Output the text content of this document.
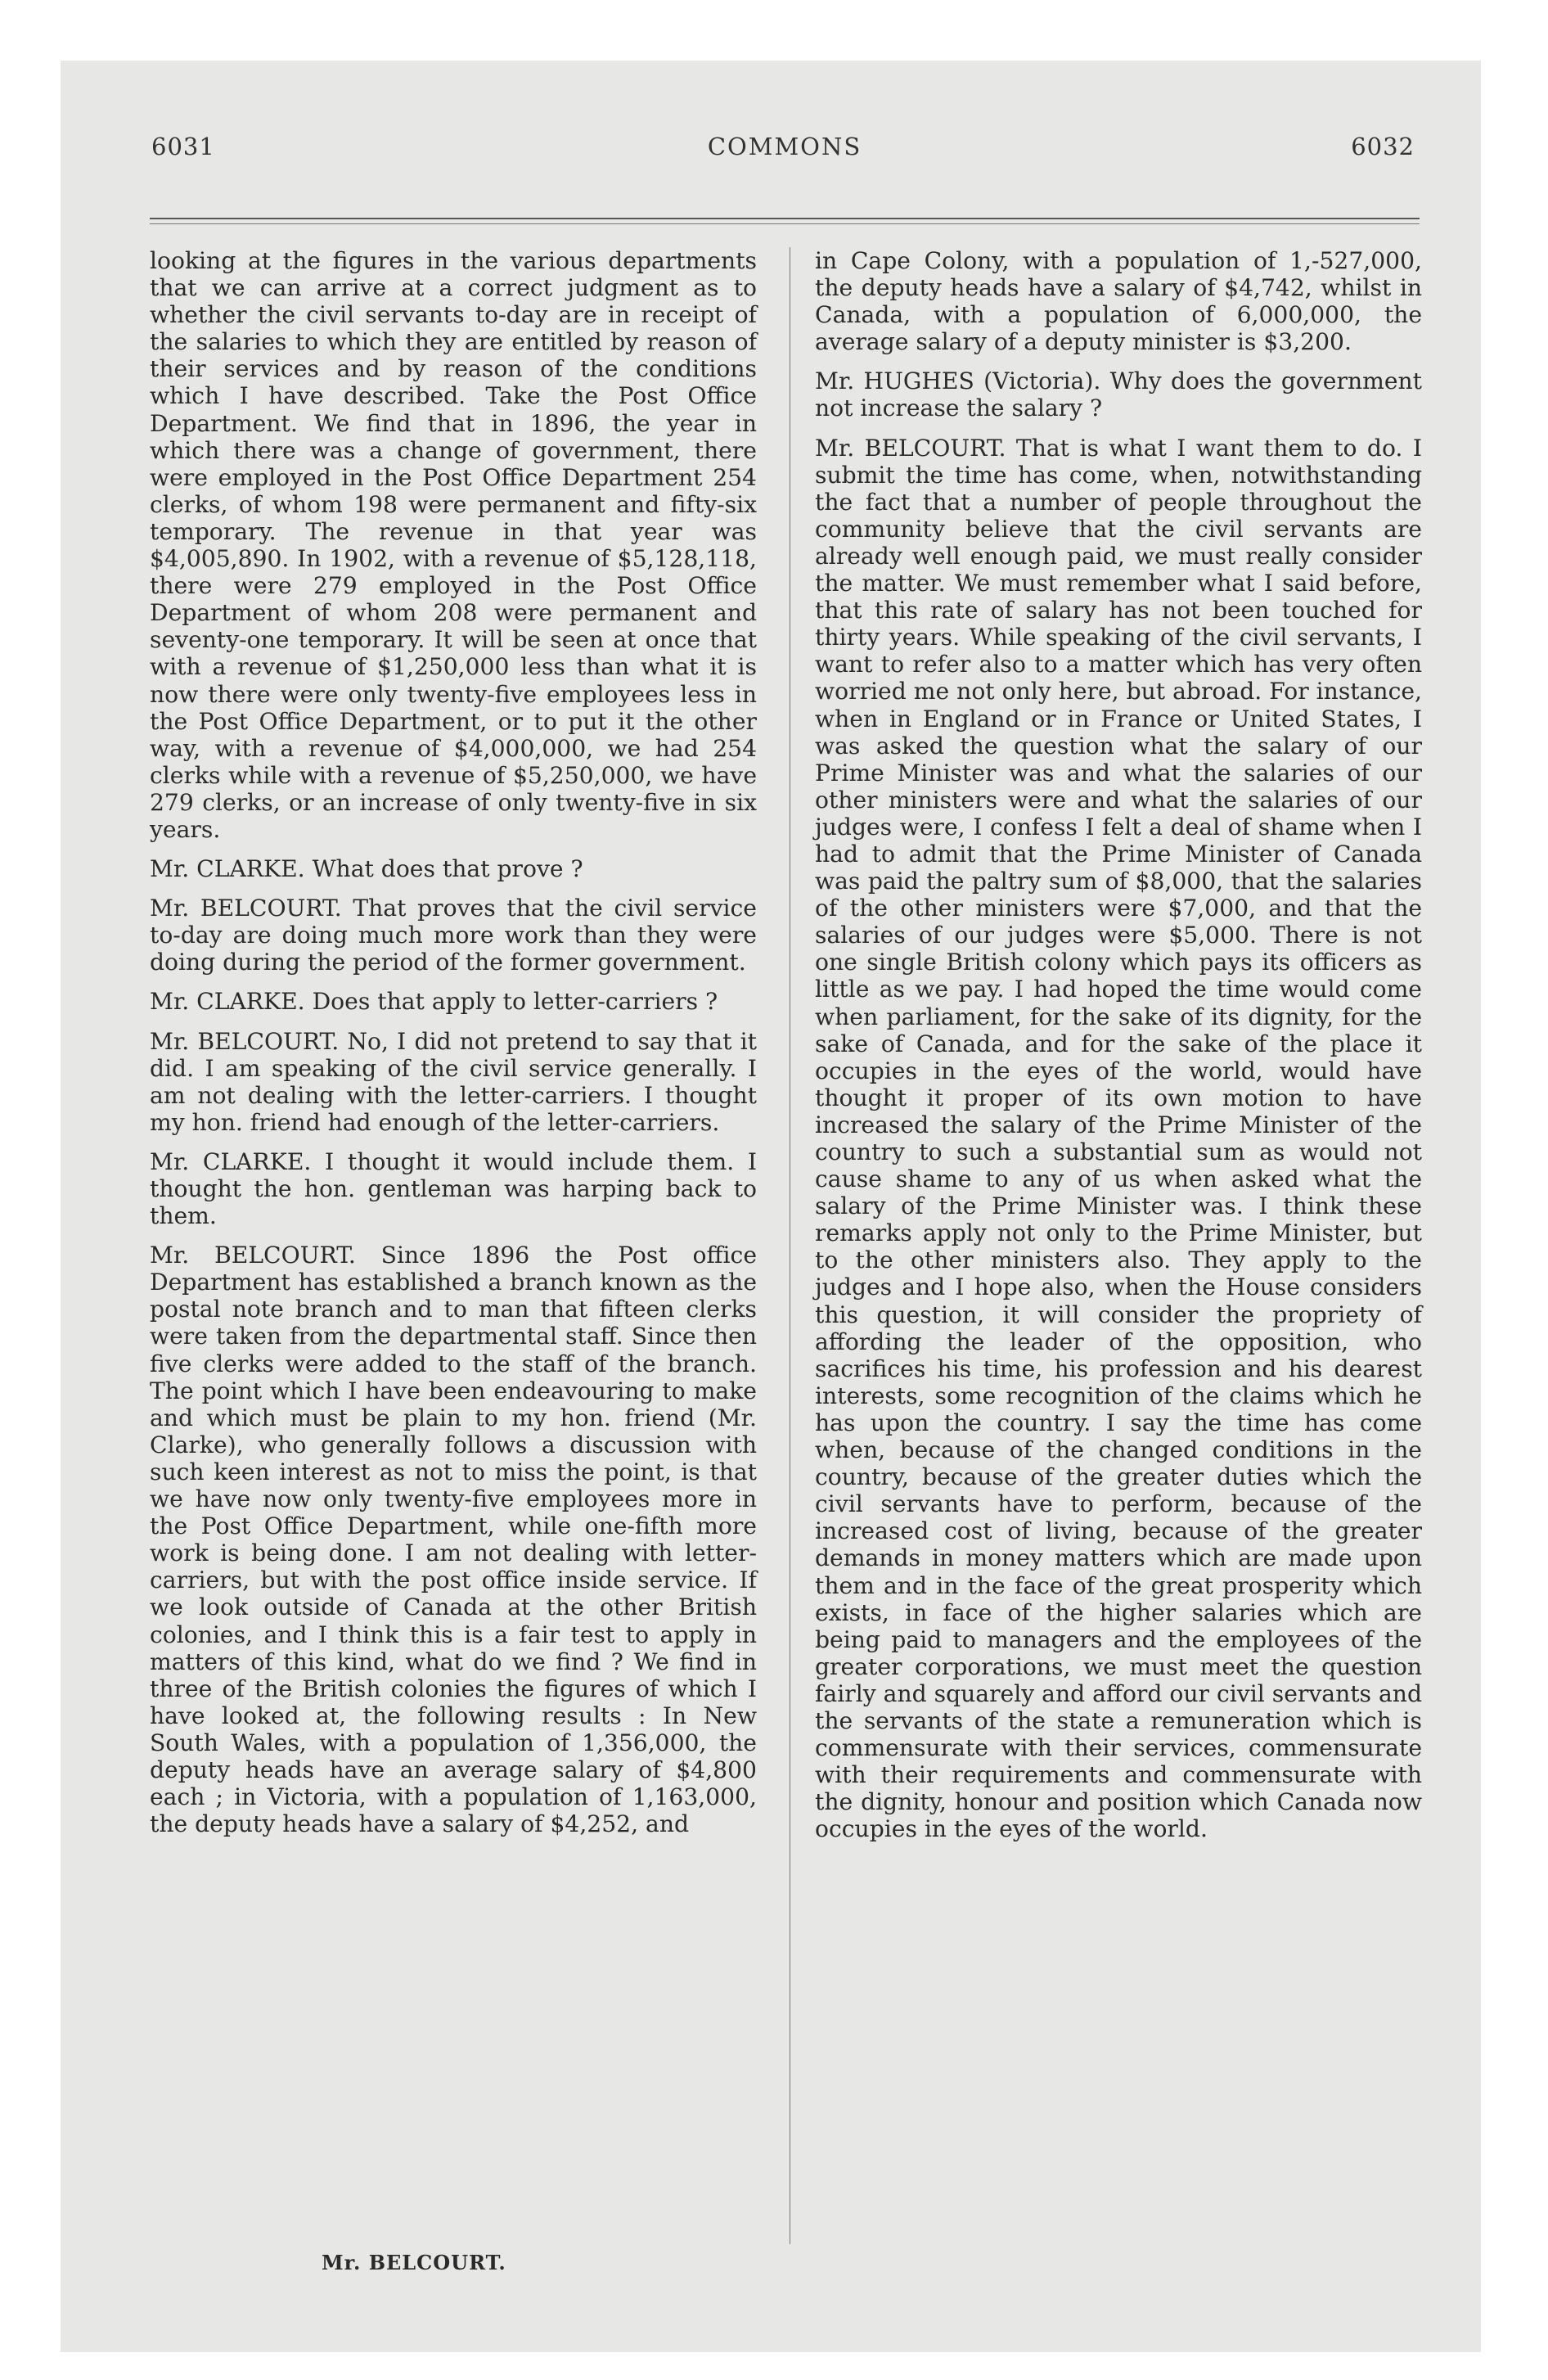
6031	COMMONS	6032

looking at the figures in the various departments that we can arrive at a correct judgment as to whether the civil servants to-day are in receipt of the salaries to which they are entitled by reason of their services and by reason of the conditions which I have described. Take the Post Office Department. We find that in 1896, the year in which there was a change of government, there were employed in the Post Office Department 254 clerks, of whom 198 were permanent and fifty-six temporary. The revenue in that year was $4,005,890. In 1902, with a revenue of $5,128,118, there were 279 employed in the Post Office Department of whom 208 were permanent and seventy-one temporary. It will be seen at once that with a revenue of $1,250,000 less than what it is now there were only twenty-five employees less in the Post Office Department, or to put it the other way, with a revenue of $4,000,000, we had 254 clerks while with a revenue of $5,250,000, we have 279 clerks, or an increase of only twenty-five in six years.

Mr. CLARKE. What does that prove ?

Mr. BELCOURT. That proves that the civil service to-day are doing much more work than they were doing during the period of the former government.

Mr. CLARKE. Does that apply to letter-carriers ?

Mr. BELCOURT. No, I did not pretend to say that it did. I am speaking of the civil service generally. I am not dealing with the letter-carriers. I thought my hon. friend had enough of the letter-carriers.

Mr. CLARKE. I thought it would include them. I thought the hon. gentleman was harping back to them.

Mr. BELCOURT. Since 1896 the Post office Department has established a branch known as the postal note branch and to man that fifteen clerks were taken from the departmental staff. Since then five clerks were added to the staff of the branch. The point which I have been endeavouring to make and which must be plain to my hon. friend (Mr. Clarke), who generally follows a discussion with such keen interest as not to miss the point, is that we have now only twenty-five employees more in the Post Office Department, while one-fifth more work is being done. I am not dealing with letter-carriers, but with the post office inside service. If we look outside of Canada at the other British colonies, and I think this is a fair test to apply in matters of this kind, what do we find ? We find in three of the British colonies the figures of which I have looked at, the following results : In New South Wales, with a population of 1,356,000, the deputy heads have an average salary of $4,800 each ; in Victoria, with a population of 1,163,000, the deputy heads have a salary of $4,252, and

in Cape Colony, with a population of 1,-527,000, the deputy heads have a salary of $4,742, whilst in Canada, with a population of 6,000,000, the average salary of a deputy minister is $3,200.

Mr. HUGHES (Victoria). Why does the government not increase the salary ?

Mr. BELCOURT. That is what I want them to do. I submit the time has come, when, notwithstanding the fact that a number of people throughout the community believe that the civil servants are already well enough paid, we must really consider the matter. We must remember what I said before, that this rate of salary has not been touched for thirty years. While speaking of the civil servants, I want to refer also to a matter which has very often worried me not only here, but abroad. For instance, when in England or in France or United States, I was asked the question what the salary of our Prime Minister was and what the salaries of our other ministers were and what the salaries of our judges were, I confess I felt a deal of shame when I had to admit that the Prime Minister of Canada was paid the paltry sum of $8,000, that the salaries of the other ministers were $7,000, and that the salaries of our judges were $5,000. There is not one single British colony which pays its officers as little as we pay. I had hoped the time would come when parliament, for the sake of its dignity, for the sake of Canada, and for the sake of the place it occupies in the eyes of the world, would have thought it proper of its own motion to have increased the salary of the Prime Minister of the country to such a substantial sum as would not cause shame to any of us when asked what the salary of the Prime Minister was. I think these remarks apply not only to the Prime Minister, but to the other ministers also. They apply to the judges and I hope also, when the House considers this question, it will consider the propriety of affording the leader of the opposition, who sacrifices his time, his profession and his dearest interests, some recognition of the claims which he has upon the country. I say the time has come when, because of the changed conditions in the country, because of the greater duties which the civil servants have to perform, because of the increased cost of living, because of the greater demands in money matters which are made upon them and in the face of the great prosperity which exists, in face of the higher salaries which are being paid to managers and the employees of the greater corporations, we must meet the question fairly and squarely and afford our civil servants and the servants of the state a remuneration which is commensurate with their services, commensurate with their requirements and commensurate with the dignity, honour and position which Canada now occupies in the eyes of the world.

Mr. BELCOURT.
